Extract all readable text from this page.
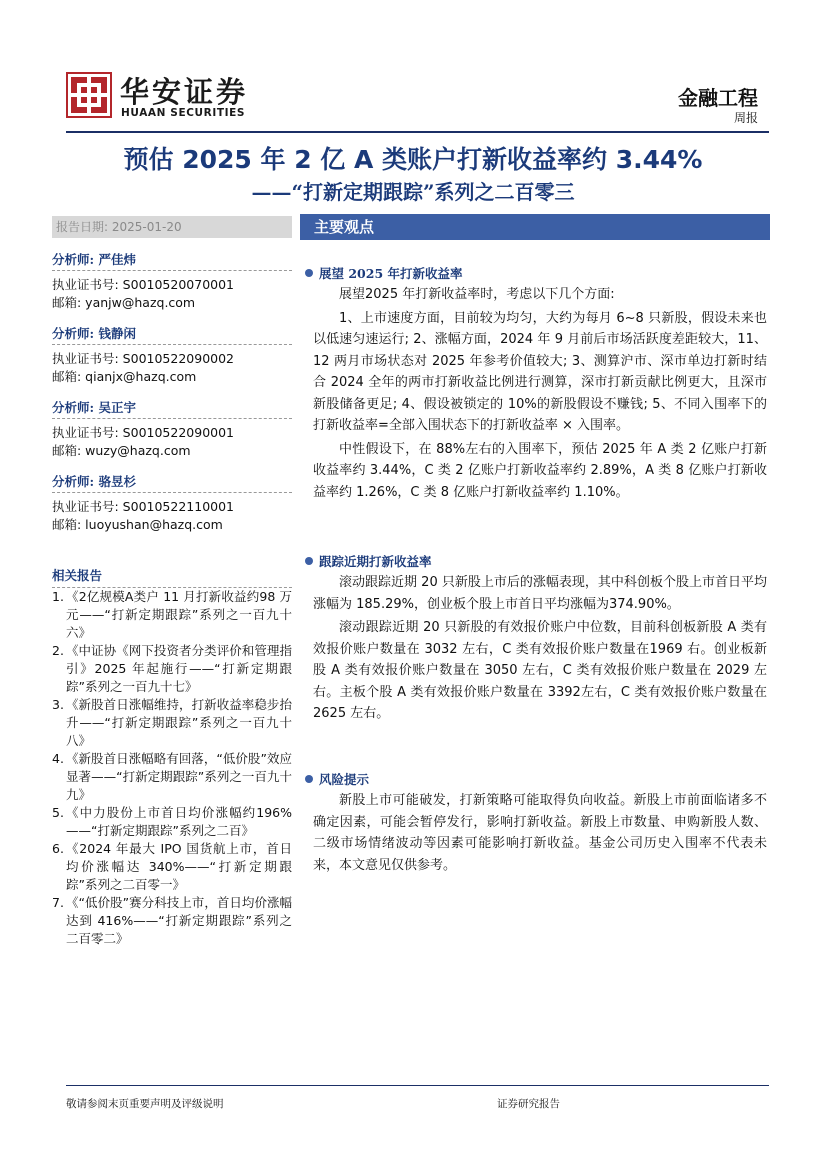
华安证券
HUAAN SECURITIES
金融工程
周报
预估 2025 年 2 亿 A 类账户打新收益率约 3.44%
——“打新定期跟踪”系列之二百零三
报告日期: 2025-01-20
分析师: 严佳炜
执业证书号: S0010520070001
邮箱: yanjw@hazq.com
分析师: 钱静闲
执业证书号: S0010522090002
邮箱: qianjx@hazq.com
分析师: 吴正宇
执业证书号: S0010522090001
邮箱: wuzy@hazq.com
分析师: 骆昱杉
执业证书号: S0010522110001
邮箱: luoyushan@hazq.com
相关报告
1. 《2亿规模A类户 11 月打新收益约98 万元——“打新定期跟踪”系列之一百九十六》
2. 《中证协《网下投资者分类评价和管理指引》2025 年起施行——“打新定期跟踪”系列之一百九十七》
3. 《新股首日涨幅维持，打新收益率稳步抬升——“打新定期跟踪”系列之一百九十八》
4. 《新股首日涨幅略有回落，“低价股”效应显著——“打新定期跟踪”系列之一百九十九》
5. 《中力股份上市首日均价涨幅约196%——“打新定期跟踪”系列之二百》
6. 《2024 年最大 IPO 国货航上市，首日均价涨幅达 340%——“打新定期跟踪”系列之二百零一》
7. 《“低价股”赛分科技上市，首日均价涨幅达到 416%——“打新定期跟踪”系列之二百零二》
主要观点
展望 2025 年打新收益率
展望2025 年打新收益率时，考虑以下几个方面:
1、上市速度方面，目前较为均匀，大约为每月 6~8 只新股，假设未来也以低速匀速运行; 2、涨幅方面，2024 年 9 月前后市场活跃度差距较大，11、12 两月市场状态对 2025 年参考价值较大; 3、测算沪市、深市单边打新时结合 2024 全年的两市打新收益比例进行测算，深市打新贡献比例更大，且深市新股储备更足; 4、假设被锁定的 10%的新股假设不赚钱; 5、不同入围率下的打新收益率=全部入围状态下的打新收益率 × 入围率。
中性假设下，在 88%左右的入围率下，预估 2025 年 A 类 2 亿账户打新收益率约 3.44%，C 类 2 亿账户打新收益率约 2.89%，A 类 8 亿账户打新收益率约 1.26%，C 类 8 亿账户打新收益率约 1.10%。
跟踪近期打新收益率
滚动跟踪近期 20 只新股上市后的涨幅表现，其中科创板个股上市首日平均涨幅为 185.29%，创业板个股上市首日平均涨幅为374.90%。
滚动跟踪近期 20 只新股的有效报价账户中位数，目前科创板新股 A 类有效报价账户数量在 3032 左右，C 类有效报价账户数量在1969 右。创业板新股 A 类有效报价账户数量在 3050 左右，C 类有效报价账户数量在 2029 左右。主板个股 A 类有效报价账户数量在 3392左右，C 类有效报价账户数量在 2625 左右。
风险提示
新股上市可能破发，打新策略可能取得负向收益。新股上市前面临诸多不确定因素，可能会暂停发行，影响打新收益。新股上市数量、申购新股人数、二级市场情绪波动等因素可能影响打新收益。基金公司历史入围率不代表未来，本文意见仅供参考。
敬请参阅末页重要声明及评级说明	证券研究报告
